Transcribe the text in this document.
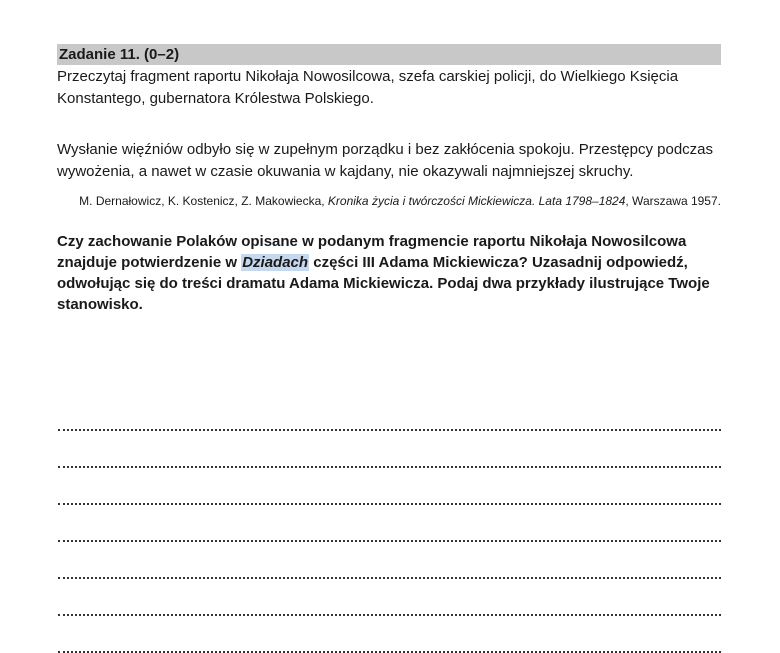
Zadanie 11. (0–2)
Przeczytaj fragment raportu Nikołaja Nowosilcowa, szefa carskiej policji, do Wielkiego Księcia Konstantego, gubernatora Królestwa Polskiego.
Wysłanie więźniów odbyło się w zupełnym porządku i bez zakłócenia spokoju. Przestępcy podczas wywożenia, a nawet w czasie okuwania w kajdany, nie okazywali najmniejszej skruchy.
M. Dernałowicz, K. Kostenicz, Z. Makowiecka, Kronika życia i twórczości Mickiewicza. Lata 1798–1824, Warszawa 1957.
Czy zachowanie Polaków opisane w podanym fragmencie raportu Nikołaja Nowosilcowa znajduje potwierdzenie w Dziadach części III Adama Mickiewicza? Uzasadnij odpowiedź, odwołując się do treści dramatu Adama Mickiewicza. Podaj dwa przykłady ilustrujące Twoje stanowisko.
